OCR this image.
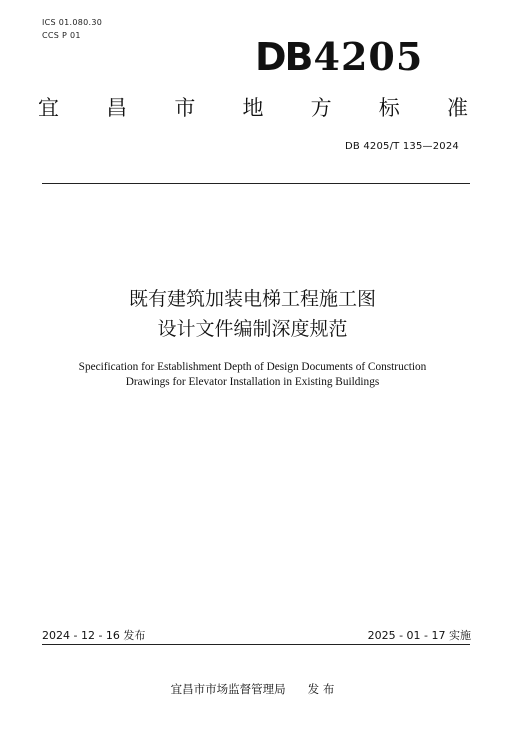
ICS 01.080.30
CCS P 01	DB4205
宜 昌 市 地 方 标 准
DB 4205/T 135—2024
既有建筑加装电梯工程施工图
设计文件编制深度规范
Specification for Establishment Depth of Design Documents of Construction
Drawings for Elevator Installation in Existing Buildings
2024 - 12 - 16 发布	2025 - 01 - 17 实施
宜昌市市场监督管理局 发 布
